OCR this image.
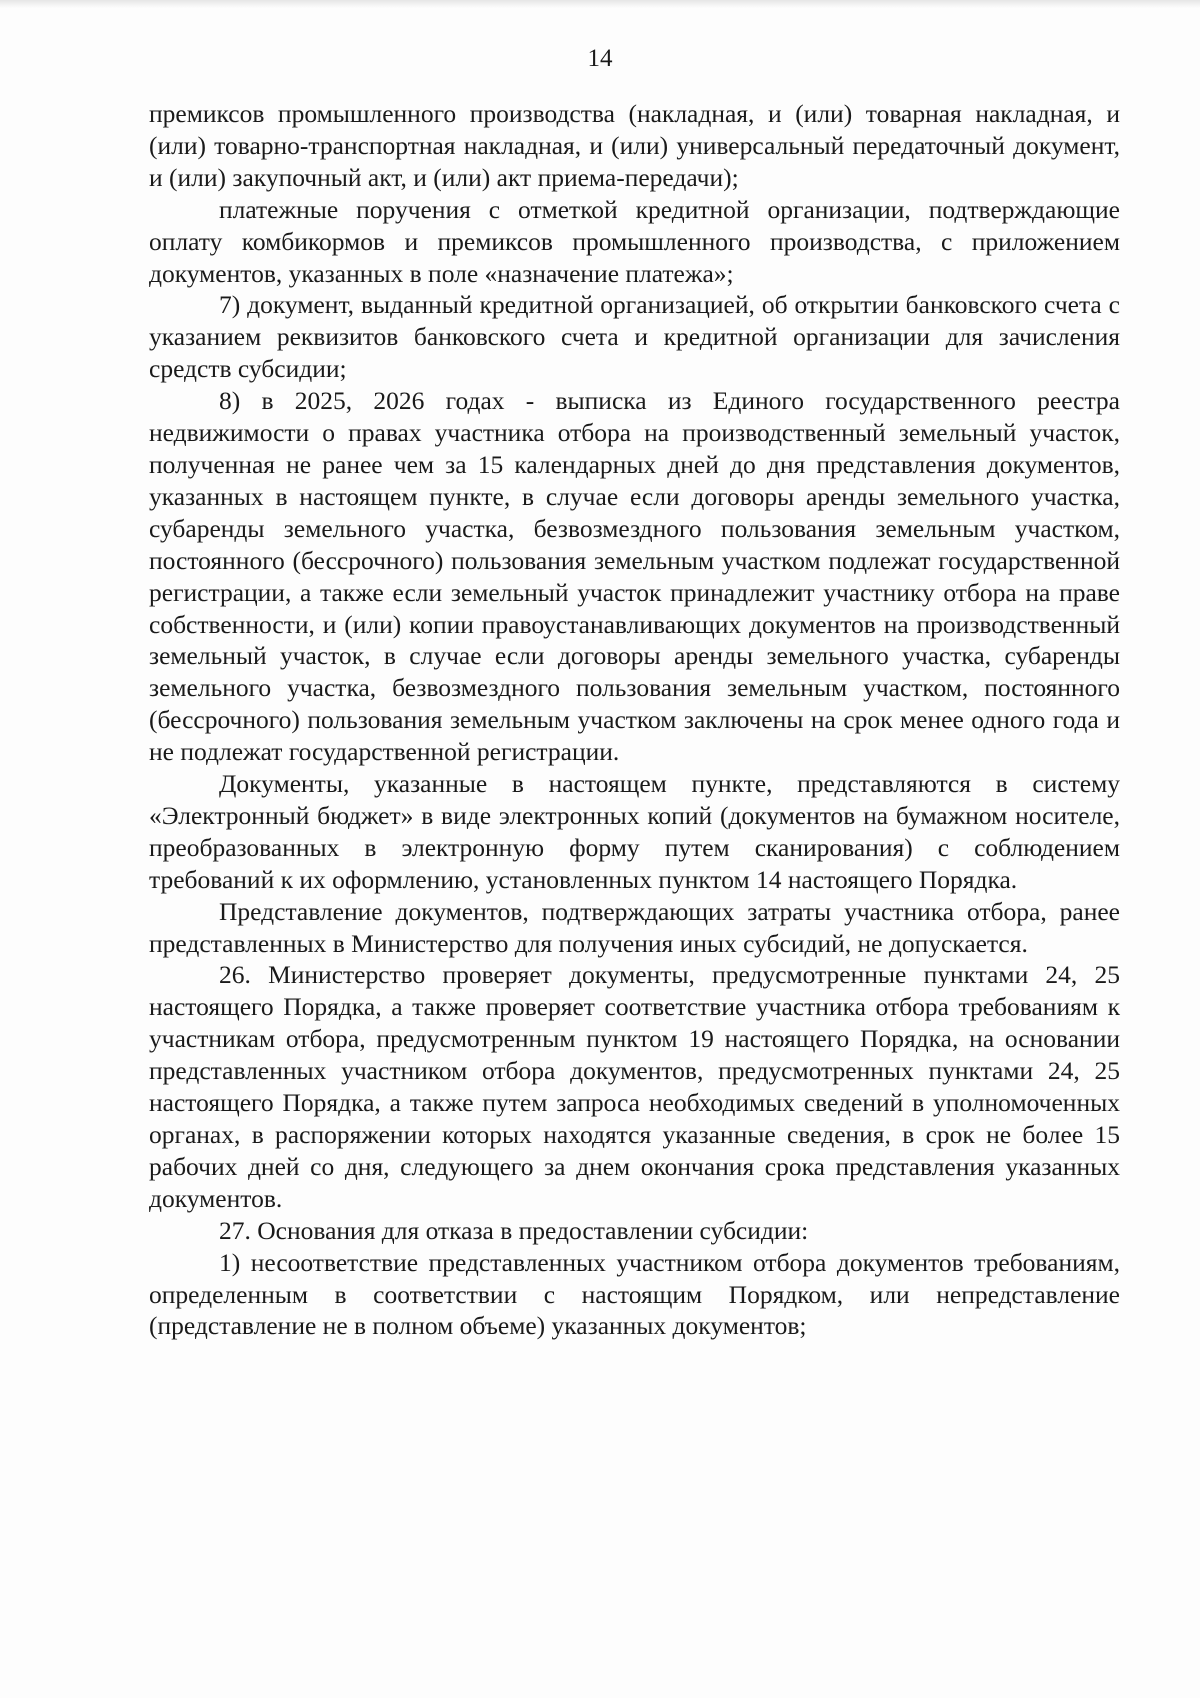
14

премиксов промышленного производства (накладная, и (или) товарная накладная, и (или) товарно-транспортная накладная, и (или) универсальный передаточный документ, и (или) закупочный акт, и (или) акт приема-передачи);

платежные поручения с отметкой кредитной организации, подтверждающие оплату комбикормов и премиксов промышленного производства, с приложением документов, указанных в поле «назначение платежа»;

7) документ, выданный кредитной организацией, об открытии банковского счета с указанием реквизитов банковского счета и кредитной организации для зачисления средств субсидии;

8) в 2025, 2026 годах - выписка из Единого государственного реестра недвижимости о правах участника отбора на производственный земельный участок, полученная не ранее чем за 15 календарных дней до дня представления документов, указанных в настоящем пункте, в случае если договоры аренды земельного участка, субаренды земельного участка, безвозмездного пользования земельным участком, постоянного (бессрочного) пользования земельным участком подлежат государственной регистрации, а также если земельный участок принадлежит участнику отбора на праве собственности, и (или) копии правоустанавливающих документов на производственный земельный участок, в случае если договоры аренды земельного участка, субаренды земельного участка, безвозмездного пользования земельным участком, постоянного (бессрочного) пользования земельным участком заключены на срок менее одного года и не подлежат государственной регистрации.

Документы, указанные в настоящем пункте, представляются в систему «Электронный бюджет» в виде электронных копий (документов на бумажном носителе, преобразованных в электронную форму путем сканирования) с соблюдением требований к их оформлению, установленных пунктом 14 настоящего Порядка.

Представление документов, подтверждающих затраты участника отбора, ранее представленных в Министерство для получения иных субсидий, не допускается.

26. Министерство проверяет документы, предусмотренные пунктами 24, 25 настоящего Порядка, а также проверяет соответствие участника отбора требованиям к участникам отбора, предусмотренным пунктом 19 настоящего Порядка, на основании представленных участником отбора документов, предусмотренных пунктами 24, 25 настоящего Порядка, а также путем запроса необходимых сведений в уполномоченных органах, в распоряжении которых находятся указанные сведения, в срок не более 15 рабочих дней со дня, следующего за днем окончания срока представления указанных документов.

27. Основания для отказа в предоставлении субсидии:

1) несоответствие представленных участником отбора документов требованиям, определенным в соответствии с настоящим Порядком, или непредставление (представление не в полном объеме) указанных документов;
